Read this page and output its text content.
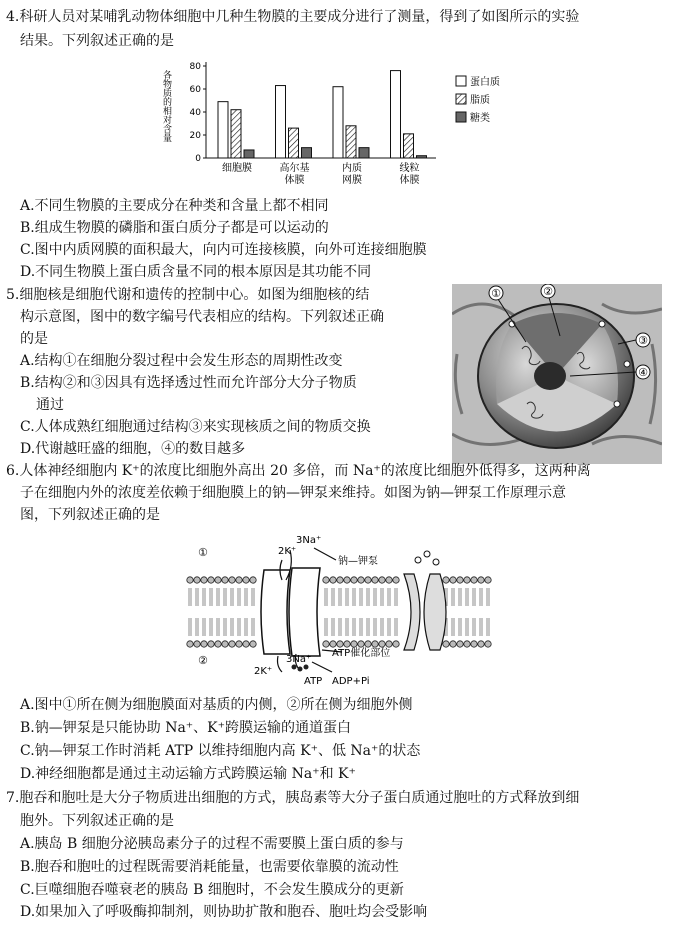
4.科研人员对某哺乳动物体细胞中几种生物膜的主要成分进行了测量，得到了如图所示的实验
结果。下列叙述正确的是
各物质的相对含量
0
20
40
60
80
细胞膜	高尔基
体膜
内质
网膜
线粒
体膜
蛋白质
脂质
糖类
A.不同生物膜的主要成分在种类和含量上都不相同
B.组成生物膜的磷脂和蛋白质分子都是可以运动的
C.图中内质网膜的面积最大，向内可连接核膜，向外可连接细胞膜
D.不同生物膜上蛋白质含量不同的根本原因是其功能不同
5.细胞核是细胞代谢和遗传的控制中心。如图为细胞核的结
构示意图，图中的数字编号代表相应的结构。下列叙述正确
的是
A.结构①在细胞分裂过程中会发生形态的周期性改变
B.结构②和③因具有选择透过性而允许部分大分子物质
通过
C.人体成熟红细胞通过结构③来实现核质之间的物质交换
D.代谢越旺盛的细胞，④的数目越多
①	②
③
④
6.人体神经细胞内 K⁺的浓度比细胞外高出 20 多倍，而 Na⁺的浓度比细胞外低得多，这两种离
子在细胞内外的浓度差依赖于细胞膜上的钠—钾泵来维持。如图为钠—钾泵工作原理示意
图，下列叙述正确的是
①
②
2K⁺
3Na⁺
钠—钾泵
ATP催化部位
2K⁺
3Na⁺
ATP ADP+Pi
A.图中①所在侧为细胞膜面对基质的内侧，②所在侧为细胞外侧
B.钠—钾泵是只能协助 Na⁺、K⁺跨膜运输的通道蛋白
C.钠—钾泵工作时消耗 ATP 以维持细胞内高 K⁺、低 Na⁺的状态
D.神经细胞都是通过主动运输方式跨膜运输 Na⁺和 K⁺
7.胞吞和胞吐是大分子物质进出细胞的方式，胰岛素等大分子蛋白质通过胞吐的方式释放到细
胞外。下列叙述正确的是
A.胰岛 B 细胞分泌胰岛素分子的过程不需要膜上蛋白质的参与
B.胞吞和胞吐的过程既需要消耗能量，也需要依靠膜的流动性
C.巨噬细胞吞噬衰老的胰岛 B 细胞时，不会发生膜成分的更新
D.如果加入了呼吸酶抑制剂，则协助扩散和胞吞、胞吐均会受影响
